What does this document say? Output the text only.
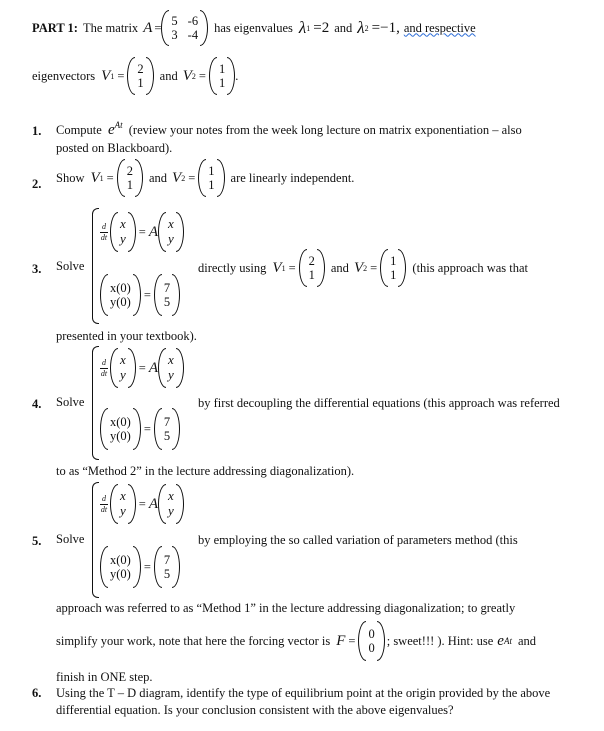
PART 1: The matrix A = 5
3
-6
-4
has eigenvalues λ 1 =2 and λ 2 =−1, and respective
eigenvectors V 1 = 2
1
and V 2 = 1
1
.
1. Compute $e^{At}$ (review your notes from the week long lecture on matrix exponentiation – also
posted on Blackboard).
2. Show V 1 = 2
1
and V 2 = 1
1
are linearly independent.
3. Solve
$\frac{d}{dt}$ x
y = A x
y
x(0)
y(0)
= 7
5
directly using V 1 = 2
1
and V 2 = 1
1
(this approach was that
presented in your textbook).
4. Solve
$\frac{d}{dt}$ x
y = A x
y
x(0)
y(0)
= 7
5
by first decoupling the differential equations (this approach was referred
to as “Method 2” in the lecture addressing diagonalization).
5. Solve
$\frac{d}{dt}$ x
y = A x
y
x(0)
y(0)
= 7
5
by employing the so called variation of parameters method (this
approach was referred to as “Method 1” in the lecture addressing diagonalization; to greatly
simplify your work, note that here the forcing vector is F = 0
0
; sweet!!! ). Hint: use e At and
finish in ONE step.
6. Using the T – D diagram, identify the type of equilibrium point at the origin provided by the above
differential equation. Is your conclusion consistent with the above eigenvalues?
